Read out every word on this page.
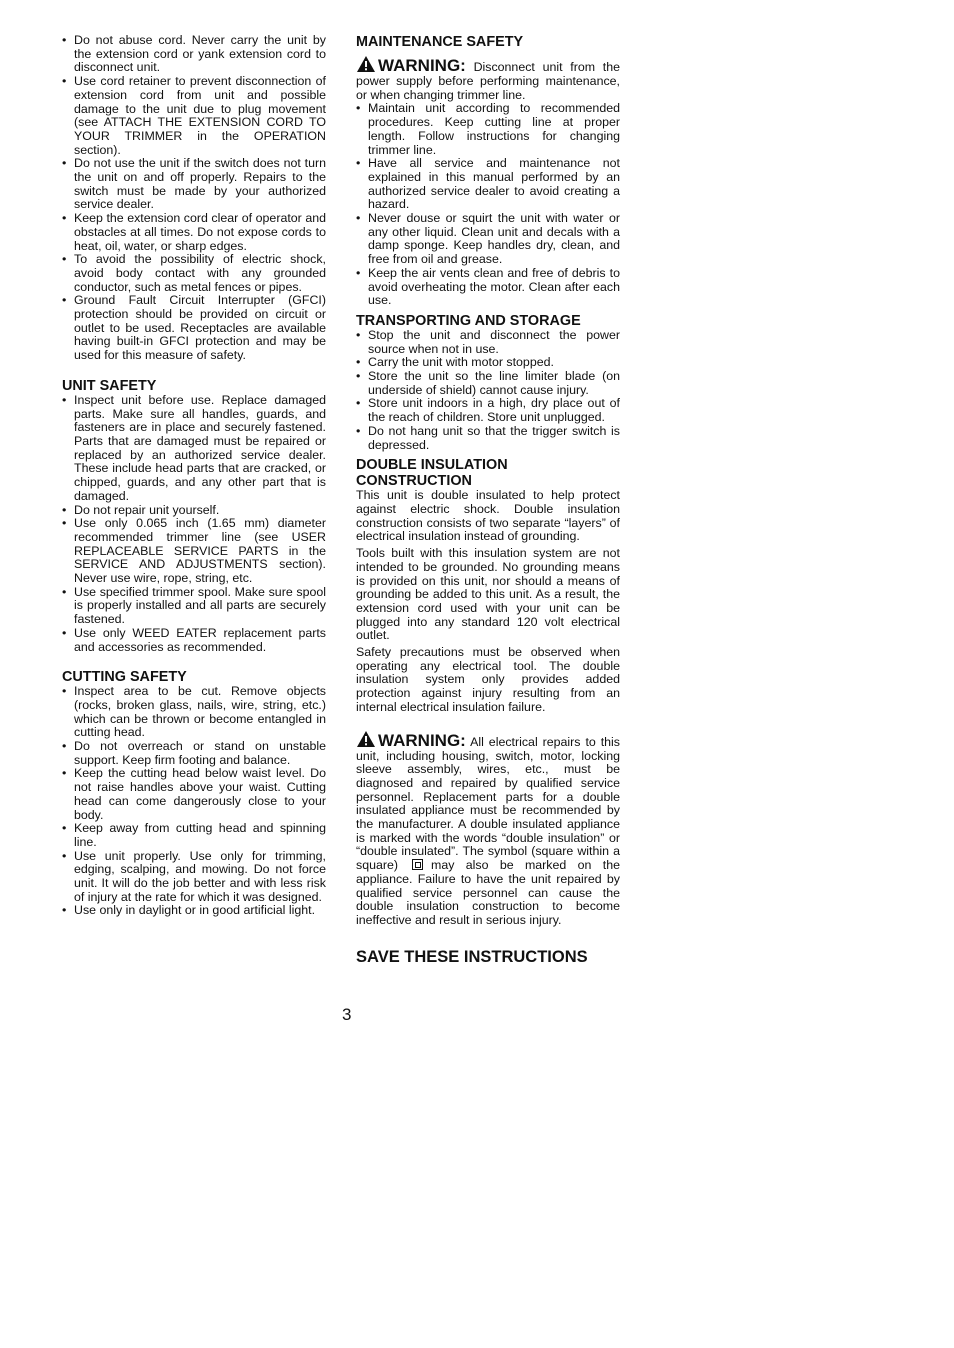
• Do not abuse cord. Never carry the unit by the extension cord or yank extension cord to disconnect unit.
• Use cord retainer to prevent disconnection of extension cord from unit and possible damage to the unit due to plug movement (see ATTACH THE EXTENSION CORD TO YOUR TRIMMER in the OPERATION section).
• Do not use the unit if the switch does not turn the unit on and off properly. Repairs to the switch must be made by your authorized service dealer.
• Keep the extension cord clear of operator and obstacles at all times. Do not expose cords to heat, oil, water, or sharp edges.
• To avoid the possibility of electric shock, avoid body contact with any grounded conductor, such as metal fences or pipes.
• Ground Fault Circuit Interrupter (GFCI) protection should be provided on circuit or outlet to be used. Receptacles are available having built-in GFCI protection and may be used for this measure of safety.
UNIT SAFETY
• Inspect unit before use. Replace damaged parts. Make sure all handles, guards, and fasteners are in place and securely fastened. Parts that are damaged must be repaired or replaced by an authorized service dealer. These include head parts that are cracked, or chipped, guards, and any other part that is damaged.
• Do not repair unit yourself.
• Use only 0.065 inch (1.65 mm) diameter recommended trimmer line (see USER REPLACEABLE SERVICE PARTS in the SERVICE AND ADJUSTMENTS section). Never use wire, rope, string, etc.
• Use specified trimmer spool. Make sure spool is properly installed and all parts are securely fastened.
• Use only WEED EATER replacement parts and accessories as recommended.
CUTTING SAFETY
• Inspect area to be cut. Remove objects (rocks, broken glass, nails, wire, string, etc.) which can be thrown or become entangled in cutting head.
• Do not overreach or stand on unstable support. Keep firm footing and balance.
• Keep the cutting head below waist level. Do not raise handles above your waist. Cutting head can come dangerously close to your body.
• Keep away from cutting head and spinning line.
• Use unit properly. Use only for trimming, edging, scalping, and mowing. Do not force unit. It will do the job better and with less risk of injury at the rate for which it was designed.
• Use only in daylight or in good artificial light.
MAINTENANCE SAFETY

WARNING: Disconnect unit from the power supply before performing maintenance, or when changing trimmer line.

• Maintain unit according to recommended procedures. Keep cutting line at proper length. Follow instructions for changing trimmer line.
• Have all service and maintenance not explained in this manual performed by an authorized service dealer to avoid creating a hazard.
• Never douse or squirt the unit with water or any other liquid. Clean unit and decals with a damp sponge. Keep handles dry, clean, and free from oil and grease.
• Keep the air vents clean and free of debris to avoid overheating the motor. Clean after each use.
TRANSPORTING AND STORAGE
• Stop the unit and disconnect the power source when not in use.
• Carry the unit with motor stopped.
• Store the unit so the line limiter blade (on underside of shield) cannot cause injury.
• Store unit indoors in a high, dry place out of the reach of children. Store unit unplugged.
• Do not hang unit so that the trigger switch is depressed.
DOUBLE INSULATION
CONSTRUCTION

This unit is double insulated to help protect against electric shock. Double insulation construction consists of two separate “layers” of electrical insulation instead of grounding.

Tools built with this insulation system are not intended to be grounded. No grounding means is provided on this unit, nor should a means of grounding be added to this unit. As a result, the extension cord used with your unit can be plugged into any standard 120 volt electrical outlet.

Safety precautions must be observed when operating any electrical tool. The double insulation system only provides added protection against injury resulting from an internal electrical insulation failure.

WARNING: All electrical repairs to this unit, including housing, switch, motor, locking sleeve assembly, wires, etc., must be diagnosed and repaired by qualified service personnel. Replacement parts for a double insulated appliance must be recommended by the manufacturer. A double insulated appliance is marked with the words “double insulation” or “double insulated”. The symbol (square within a square)	may also be marked on the appliance. Failure to have the unit repaired by qualified service personnel can cause the double insulation construction to become ineffective and result in serious injury.

SAVE THESE INSTRUCTIONS
3
